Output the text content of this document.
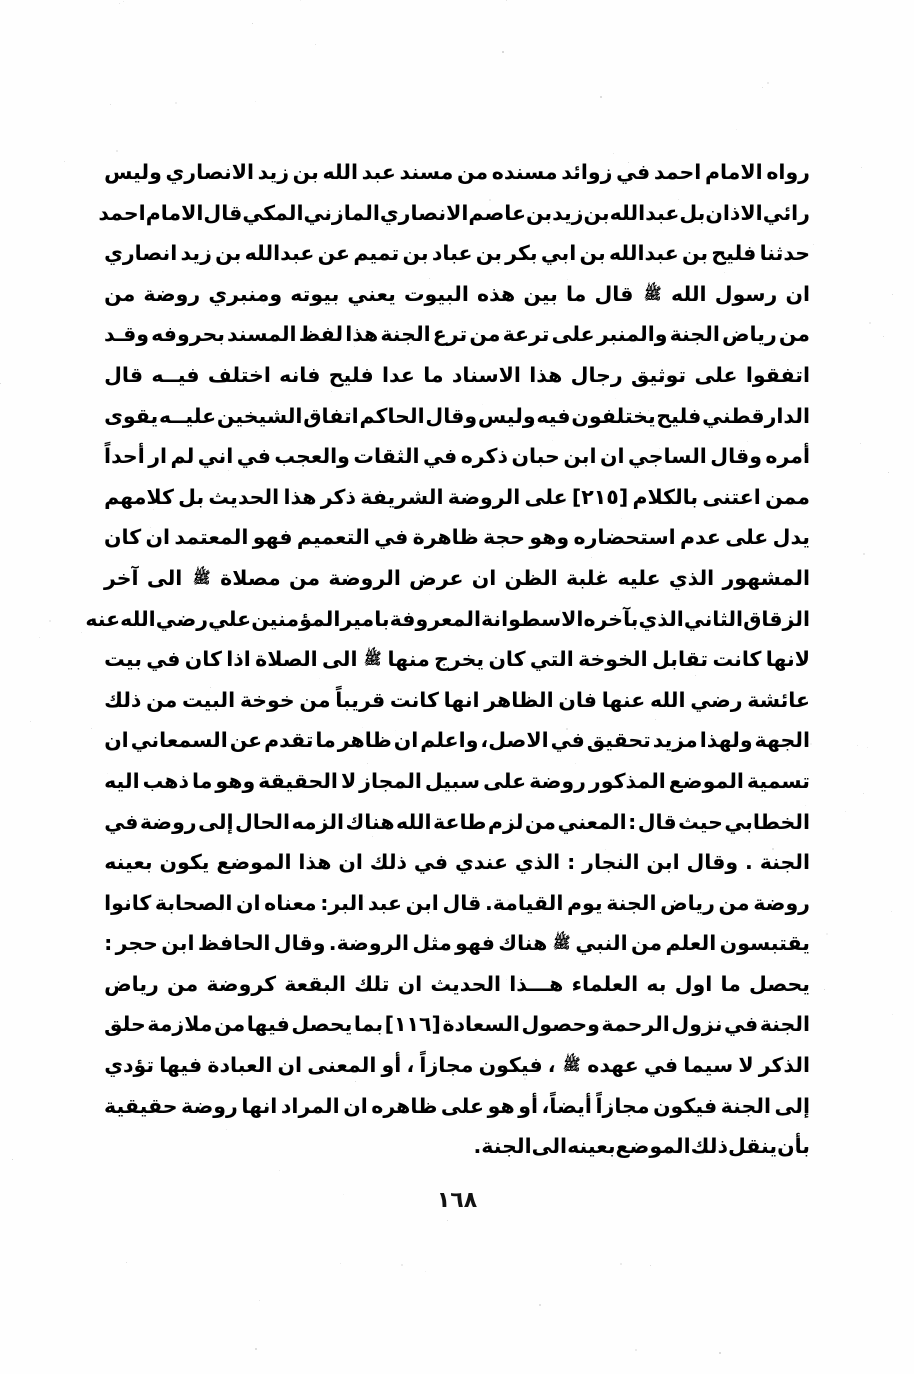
رواه
الامام
احمد
في
زوائد
مسنده
من
مسند
عبد
الله
بن
زيد
الانصاري
وليس
رائي
الاذان
بل
عبدالله
بن
زيد
بن
عاصم
الانصاري
المازني
المكي
قال
الامام
احمد
حدثنا
فليح
بن
عبدالله
بن
ابي
بكر
بن
عباد
بن
تميم
عن
عبدالله
بن
زيد
انصاري
ان
رسول
الله
ﷺ
قال
ما
بين
هذه
البيوت
يعني
بيوته
ومنبري
روضة
من
من
رياض
الجنة
والمنبر
على
ترعة
من
ترع
الجنة
هذا
لفظ
المسند
بحروفه
وقـد
اتفقوا
على
توثيق
رجال
هذا
الاسناد
ما
عدا
فليح
فانه
اختلف
فيــه
قال
الدارقطني
فليح
يختلفون
فيه
وليس
وقال
الحاكم
اتفاق
الشيخين
عليــه
يقوى
أمره
وقال
الساجي
ان
ابن
حبان
ذكره
في
الثقات
والعجب
في
اني
لم
ار
أحداً
ممن
اعتنى
بالكلام
[٢١٥]
على
الروضة
الشريفة
ذكر
هذا
الحديث
بل
كلامهم
يدل
على
عدم
استحضاره
وهو
حجة
ظاهرة
في
التعميم
فهو
المعتمد
ان
كان
المشهور
الذي
عليه
غلبة
الظن
ان
عرض
الروضة
من
مصلاة
ﷺ
الى
آخر
الزقاق
الثاني
الذي
بآخره
الاسطوانة
المعروفة
بامير
المؤمنين
علي
رضي
الله
عنه
لانها
كانت
تقابل
الخوخة
التي
كان
يخرج
منها
ﷺ
الى
الصلاة
اذا
كان
في
بيت
عائشة
رضي
الله
عنها
فان
الظاهر
انها
كانت
قريباً
من
خوخة
البيت
من
ذلك
الجهة
ولهذا
مزيد
تحقيق
في
الاصل،
واعلم
ان
ظاهر
ما
تقدم
عن
السمعاني
ان
تسمية
الموضع
المذكور
روضة
على
سبيل
المجاز
لا
الحقيقة
وهو
ما
ذهب
اليه
الخطابي
حيث
قال
:
المعني
من
لزم
طاعة
الله
هناك
الزمه
الحال
إلى
روضة
في
الجنة
.
وقال
ابن
النجار
:
الذي
عندي
في
ذلك
ان
هذا
الموضع
يكون
بعينه
روضة
من
رياض
الجنة
يوم
القيامة.
قال
ابن
عبد
البر:
معناه
ان
الصحابة
كانوا
يقتبسون
العلم
من
النبي
ﷺ
هناك
فهو
مثل
الروضة.
وقال
الحافظ
ابن
حجر
:
يحصل
ما
اول
به
العلماء
هـــذا
الحديث
ان
تلك
البقعة
كروضة
من
رياض
الجنة
في
نزول
الرحمة
وحصول
السعادة
[١١٦]
بما
يحصل
فيها
من
ملازمة
حلق
الذكر
لا
سيما
في
عهده
ﷺ
،
فيكون
مجازاً
،
أو
المعنى
ان
العبادة
فيها
تؤدي
إلى
الجنة
فيكون
مجازاً
أيضاً،
أو
هو
على
ظاهره
ان
المراد
انها
روضة
حقيقية
بأنينقلذلكالموضعبعينهالىالجنة.
١٦٨
